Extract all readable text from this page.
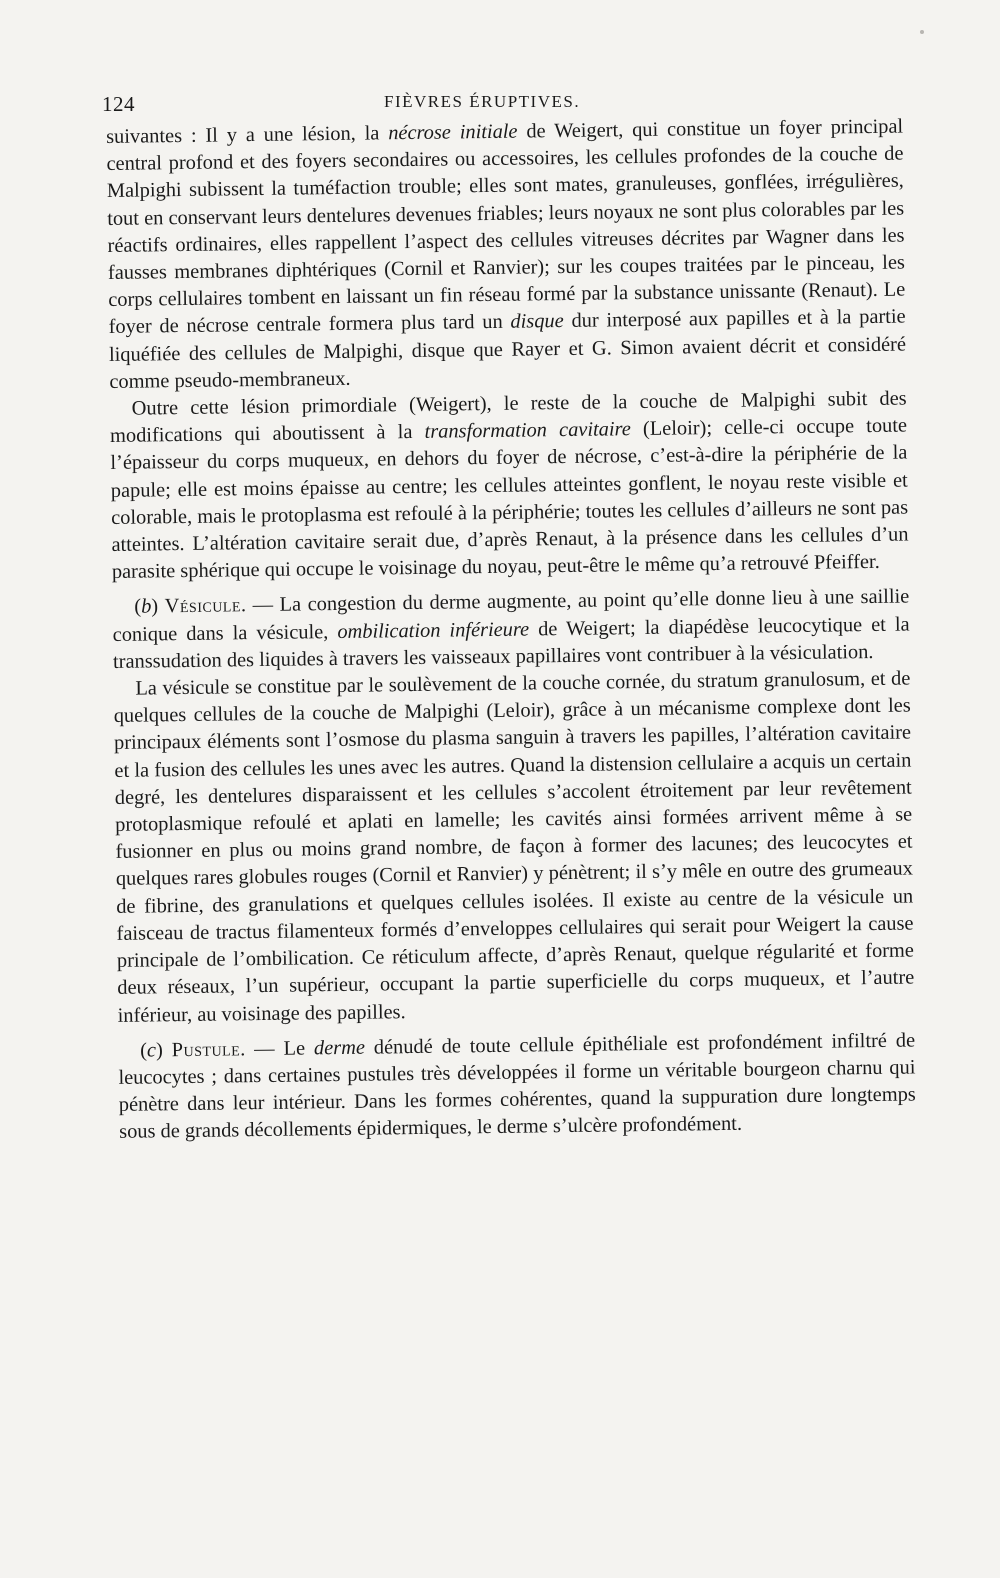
124	FIÈVRES ÉRUPTIVES.

suivantes : Il y a une lésion, la nécrose initiale de Weigert, qui constitue un foyer principal central profond et des foyers secondaires ou accessoires, les cellules profondes de la couche de Malpighi subissent la tuméfaction trouble; elles sont mates, granuleuses, gonflées, irrégulières, tout en conservant leurs dentelures devenues friables; leurs noyaux ne sont plus colorables par les réactifs ordinaires, elles rappellent l’aspect des cellules vitreuses décrites par Wagner dans les fausses membranes diphtériques (Cornil et Ranvier); sur les coupes traitées par le pinceau, les corps cellulaires tombent en laissant un fin réseau formé par la substance unissante (Renaut). Le foyer de nécrose centrale formera plus tard un disque dur interposé aux papilles et à la partie liquéfiée des cellules de Malpighi, disque que Rayer et G. Simon avaient décrit et considéré comme pseudo-membraneux.

Outre cette lésion primordiale (Weigert), le reste de la couche de Malpighi subit des modifications qui aboutissent à la transformation cavitaire (Leloir); celle-ci occupe toute l’épaisseur du corps muqueux, en dehors du foyer de nécrose, c’est-à-dire la périphérie de la papule; elle est moins épaisse au centre; les cellules atteintes gonflent, le noyau reste visible et colorable, mais le protoplasma est refoulé à la périphérie; toutes les cellules d’ailleurs ne sont pas atteintes. L’altération cavitaire serait due, d’après Renaut, à la présence dans les cellules d’un parasite sphérique qui occupe le voisinage du noyau, peut-être le même qu’a retrouvé Pfeiffer.

(b) Vésicule. — La congestion du derme augmente, au point qu’elle donne lieu à une saillie conique dans la vésicule, ombilication inférieure de Weigert; la diapédèse leucocytique et la transsudation des liquides à travers les vaisseaux papillaires vont contribuer à la vésiculation.

La vésicule se constitue par le soulèvement de la couche cornée, du stratum granulosum, et de quelques cellules de la couche de Malpighi (Leloir), grâce à un mécanisme complexe dont les principaux éléments sont l’osmose du plasma sanguin à travers les papilles, l’altération cavitaire et la fusion des cellules les unes avec les autres. Quand la distension cellulaire a acquis un certain degré, les dentelures disparaissent et les cellules s’accolent étroitement par leur revêtement protoplasmique refoulé et aplati en lamelle; les cavités ainsi formées arrivent même à se fusionner en plus ou moins grand nombre, de façon à former des lacunes; des leucocytes et quelques rares globules rouges (Cornil et Ranvier) y pénètrent; il s’y mêle en outre des grumeaux de fibrine, des granulations et quelques cellules isolées. Il existe au centre de la vésicule un faisceau de tractus filamenteux formés d’enveloppes cellulaires qui serait pour Weigert la cause principale de l’ombilication. Ce réticulum affecte, d’après Renaut, quelque régularité et forme deux réseaux, l’un supérieur, occupant la partie superficielle du corps muqueux, et l’autre inférieur, au voisinage des papilles.

(c) Pustule. — Le derme dénudé de toute cellule épithéliale est profondément infiltré de leucocytes ; dans certaines pustules très développées il forme un véritable bourgeon charnu qui pénètre dans leur intérieur. Dans les formes cohérentes, quand la suppuration dure longtemps sous de grands décollements épidermiques, le derme s’ulcère profondément.
